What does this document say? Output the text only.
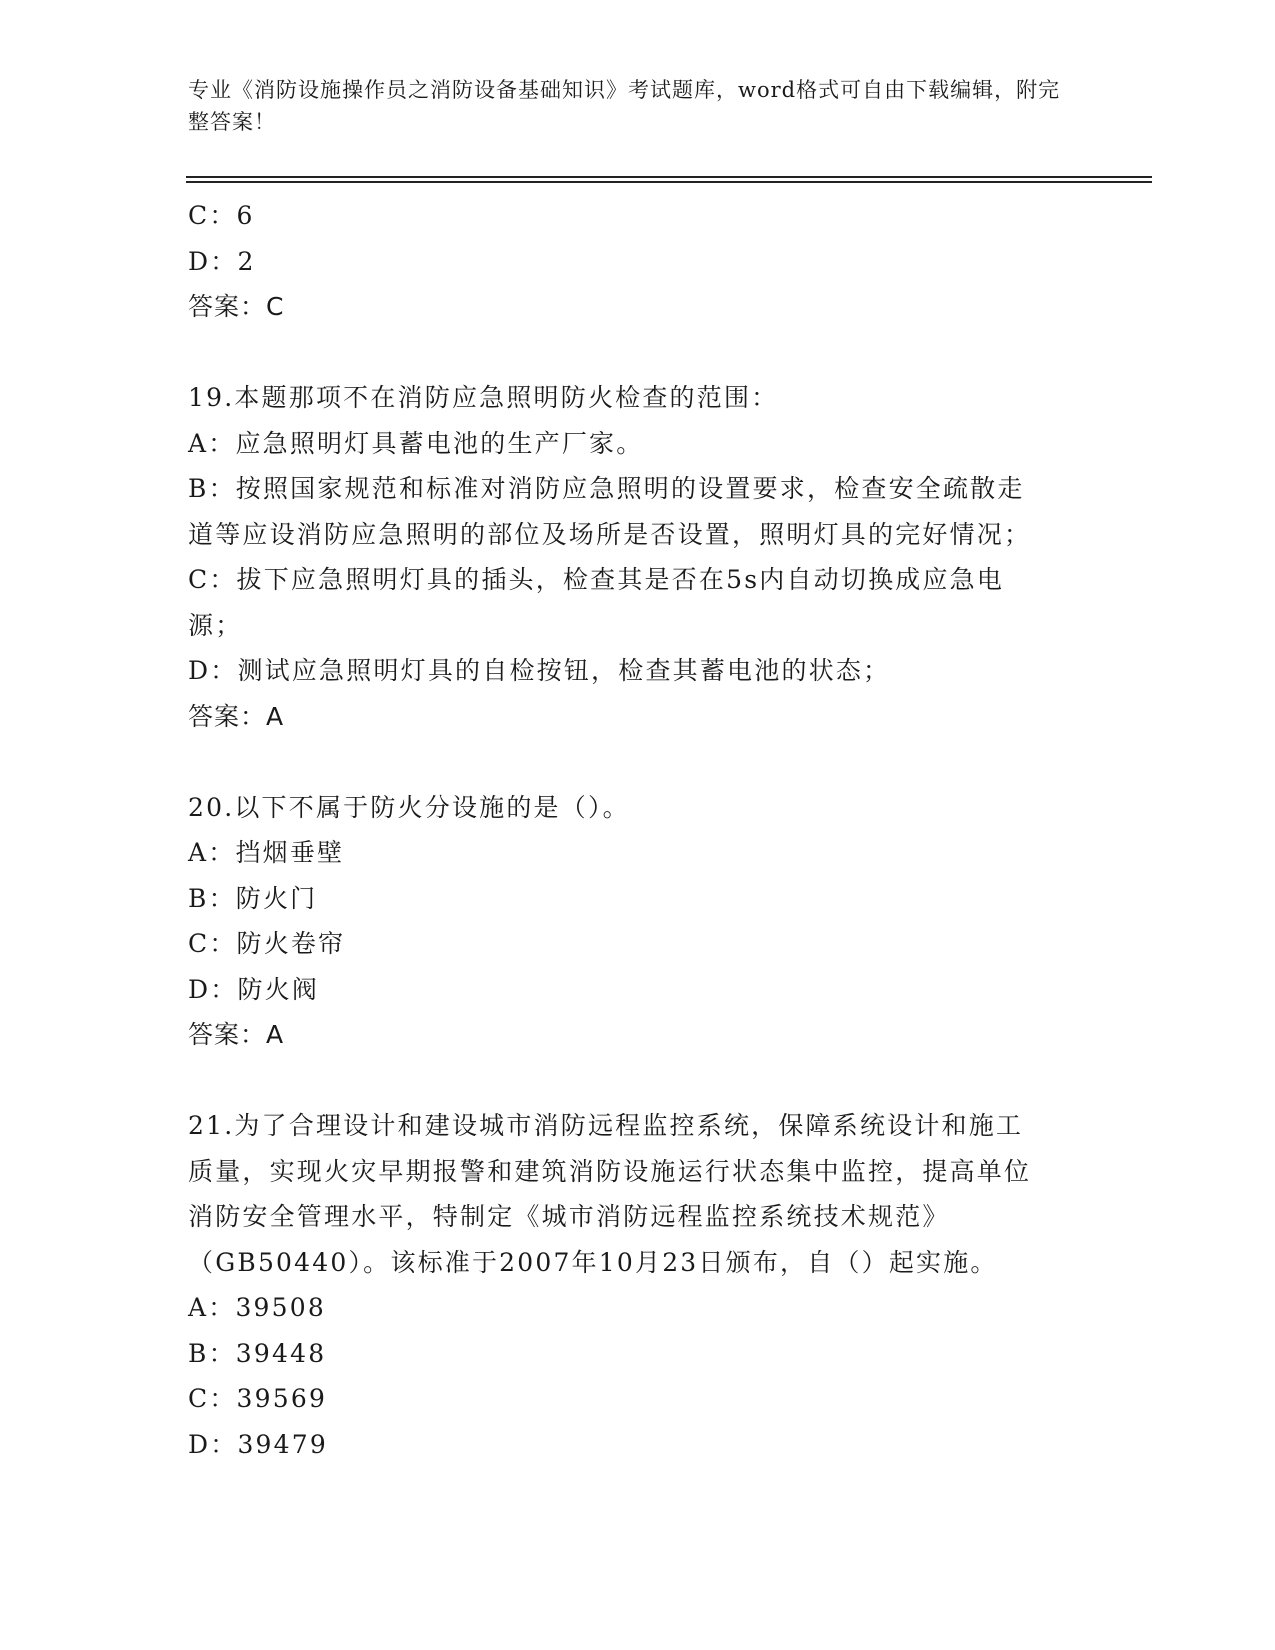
专业《消防设施操作员之消防设备基础知识》考试题库，word格式可自由下载编辑，附完整答案！
C：6
D：2
答案：C
19.本题那项不在消防应急照明防火检查的范围：
A：应急照明灯具蓄电池的生产厂家。
B：按照国家规范和标准对消防应急照明的设置要求，检查安全疏散走道等应设消防应急照明的部位及场所是否设置，照明灯具的完好情况；
C：拔下应急照明灯具的插头，检查其是否在5s内自动切换成应急电源；
D：测试应急照明灯具的自检按钮，检查其蓄电池的状态；
答案：A
20.以下不属于防火分设施的是（）。
A：挡烟垂壁
B：防火门
C：防火卷帘
D：防火阀
答案：A
21.为了合理设计和建设城市消防远程监控系统，保障系统设计和施工质量，实现火灾早期报警和建筑消防设施运行状态集中监控，提高单位消防安全管理水平，特制定《城市消防远程监控系统技术规范》（GB50440）。该标准于2007年10月23日颁布，自（）起实施。
A：39508
B：39448
C：39569
D：39479
